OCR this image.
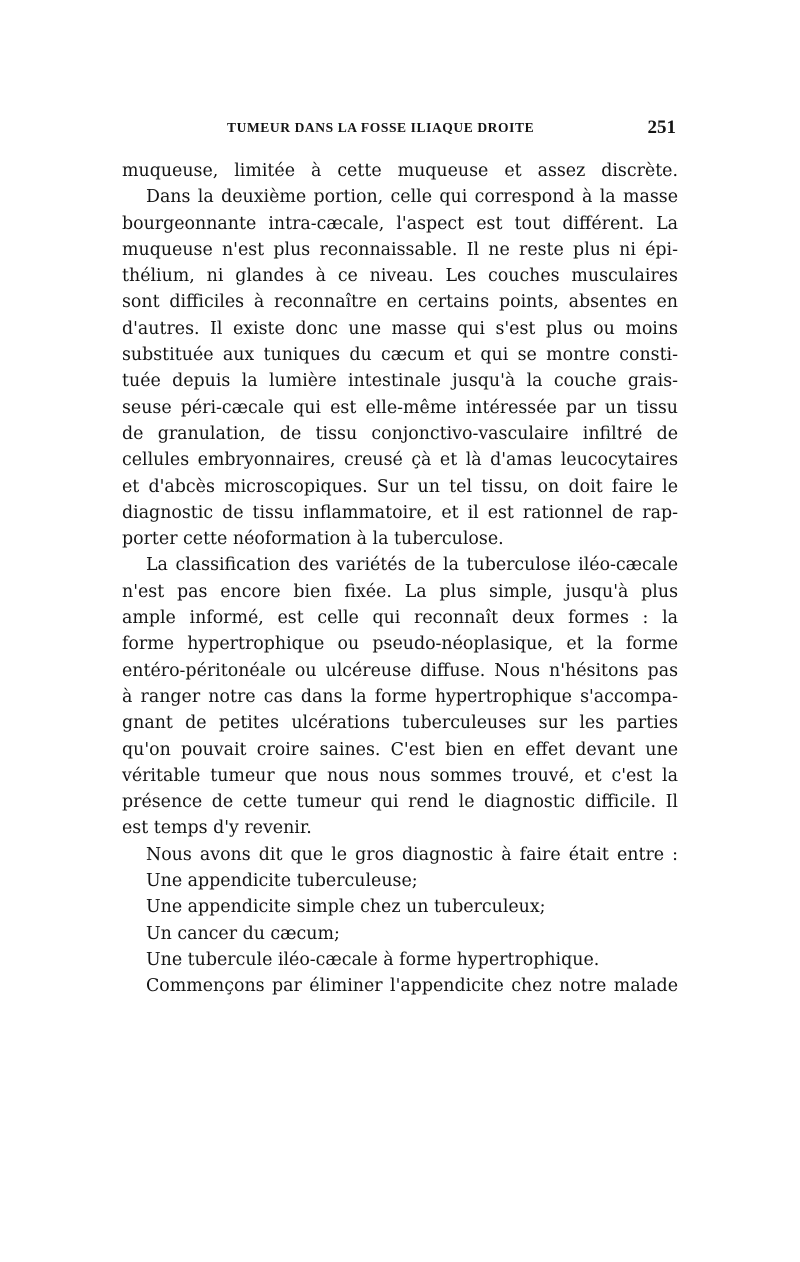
TUMEUR DANS LA FOSSE ILIAQUE DROITE	251
muqueuse, limitée à cette muqueuse et assez discrète.
Dans la deuxième portion, celle qui correspond à la masse
bourgeonnante intra-cæcale, l'aspect est tout différent. La
muqueuse n'est plus reconnaissable. Il ne reste plus ni épi-
thélium, ni glandes à ce niveau. Les couches musculaires
sont difficiles à reconnaître en certains points, absentes en
d'autres. Il existe donc une masse qui s'est plus ou moins
substituée aux tuniques du cæcum et qui se montre consti-
tuée depuis la lumière intestinale jusqu'à la couche grais-
seuse péri-cæcale qui est elle-même intéressée par un tissu
de granulation, de tissu conjonctivo-vasculaire infiltré de
cellules embryonnaires, creusé çà et là d'amas leucocytaires
et d'abcès microscopiques. Sur un tel tissu, on doit faire le
diagnostic de tissu inflammatoire, et il est rationnel de rap-
porter cette néoformation à la tuberculose.
La classification des variétés de la tuberculose iléo-cæcale
n'est pas encore bien fixée. La plus simple, jusqu'à plus
ample informé, est celle qui reconnaît deux formes : la
forme hypertrophique ou pseudo-néoplasique, et la forme
entéro-péritonéale ou ulcéreuse diffuse. Nous n'hésitons pas
à ranger notre cas dans la forme hypertrophique s'accompa-
gnant de petites ulcérations tuberculeuses sur les parties
qu'on pouvait croire saines. C'est bien en effet devant une
véritable tumeur que nous nous sommes trouvé, et c'est la
présence de cette tumeur qui rend le diagnostic difficile. Il
est temps d'y revenir.
Nous avons dit que le gros diagnostic à faire était entre :
Une appendicite tuberculeuse;
Une appendicite simple chez un tuberculeux;
Un cancer du cæcum;
Une tubercule iléo-cæcale à forme hypertrophique.
Commençons par éliminer l'appendicite chez notre malade
